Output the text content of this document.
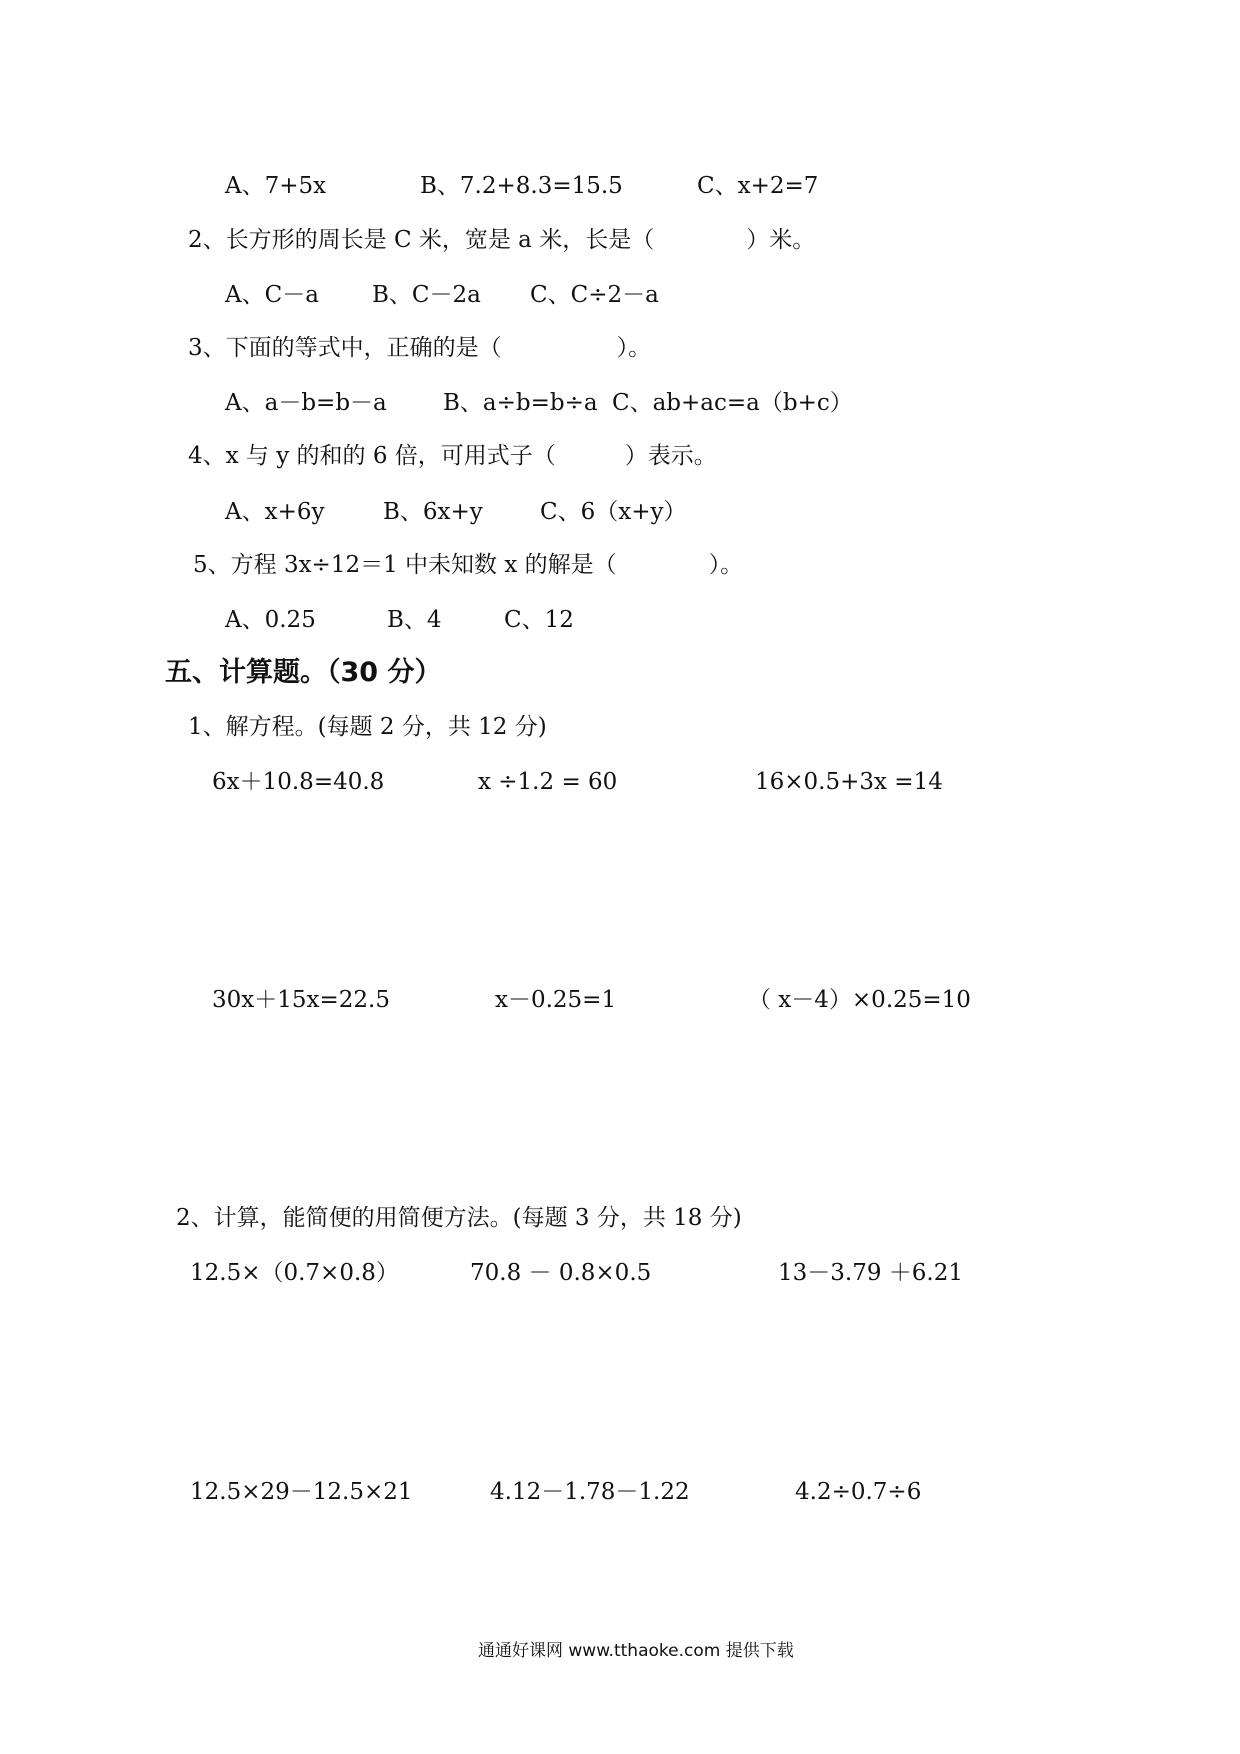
A、7+5x	B、7.2+8.3=15.5	C、x+2=7
2、长方形的周长是 C 米，宽是 a 米，长是（　　　　）米。
A、C－a B、C－2a C、C÷2－a
3、下面的等式中，正确的是（　　　　　）。
A、a－b=b－a B、a÷b=b÷a C、ab+ac=a（b+c）
4、x 与 y 的和的 6 倍，可用式子（　　　）表示。
A、x+6y	B、6x+y C、6（x+y）
5、方程 3x÷12＝1 中未知数 x 的解是（　　　　）。
A、0.25	B、4	C、12
五、计算题。（30 分）
1、解方程。(每题 2 分，共 12 分)
6x＋10.8=40.8	x ÷1.2 = 60	16×0.5+3x =14
30x＋15x=22.5	x－0.25=1	（ x－4）×0.25=10
2、计算，能简便的用简便方法。(每题 3 分，共 18 分)
12.5×（0.7×0.8）	70.8 － 0.8×0.5	13－3.79 ＋6.21
12.5×29－12.5×21	4.12－1.78－1.22	4.2÷0.7÷6
通通好课网 www.tthaoke.com 提供下载
